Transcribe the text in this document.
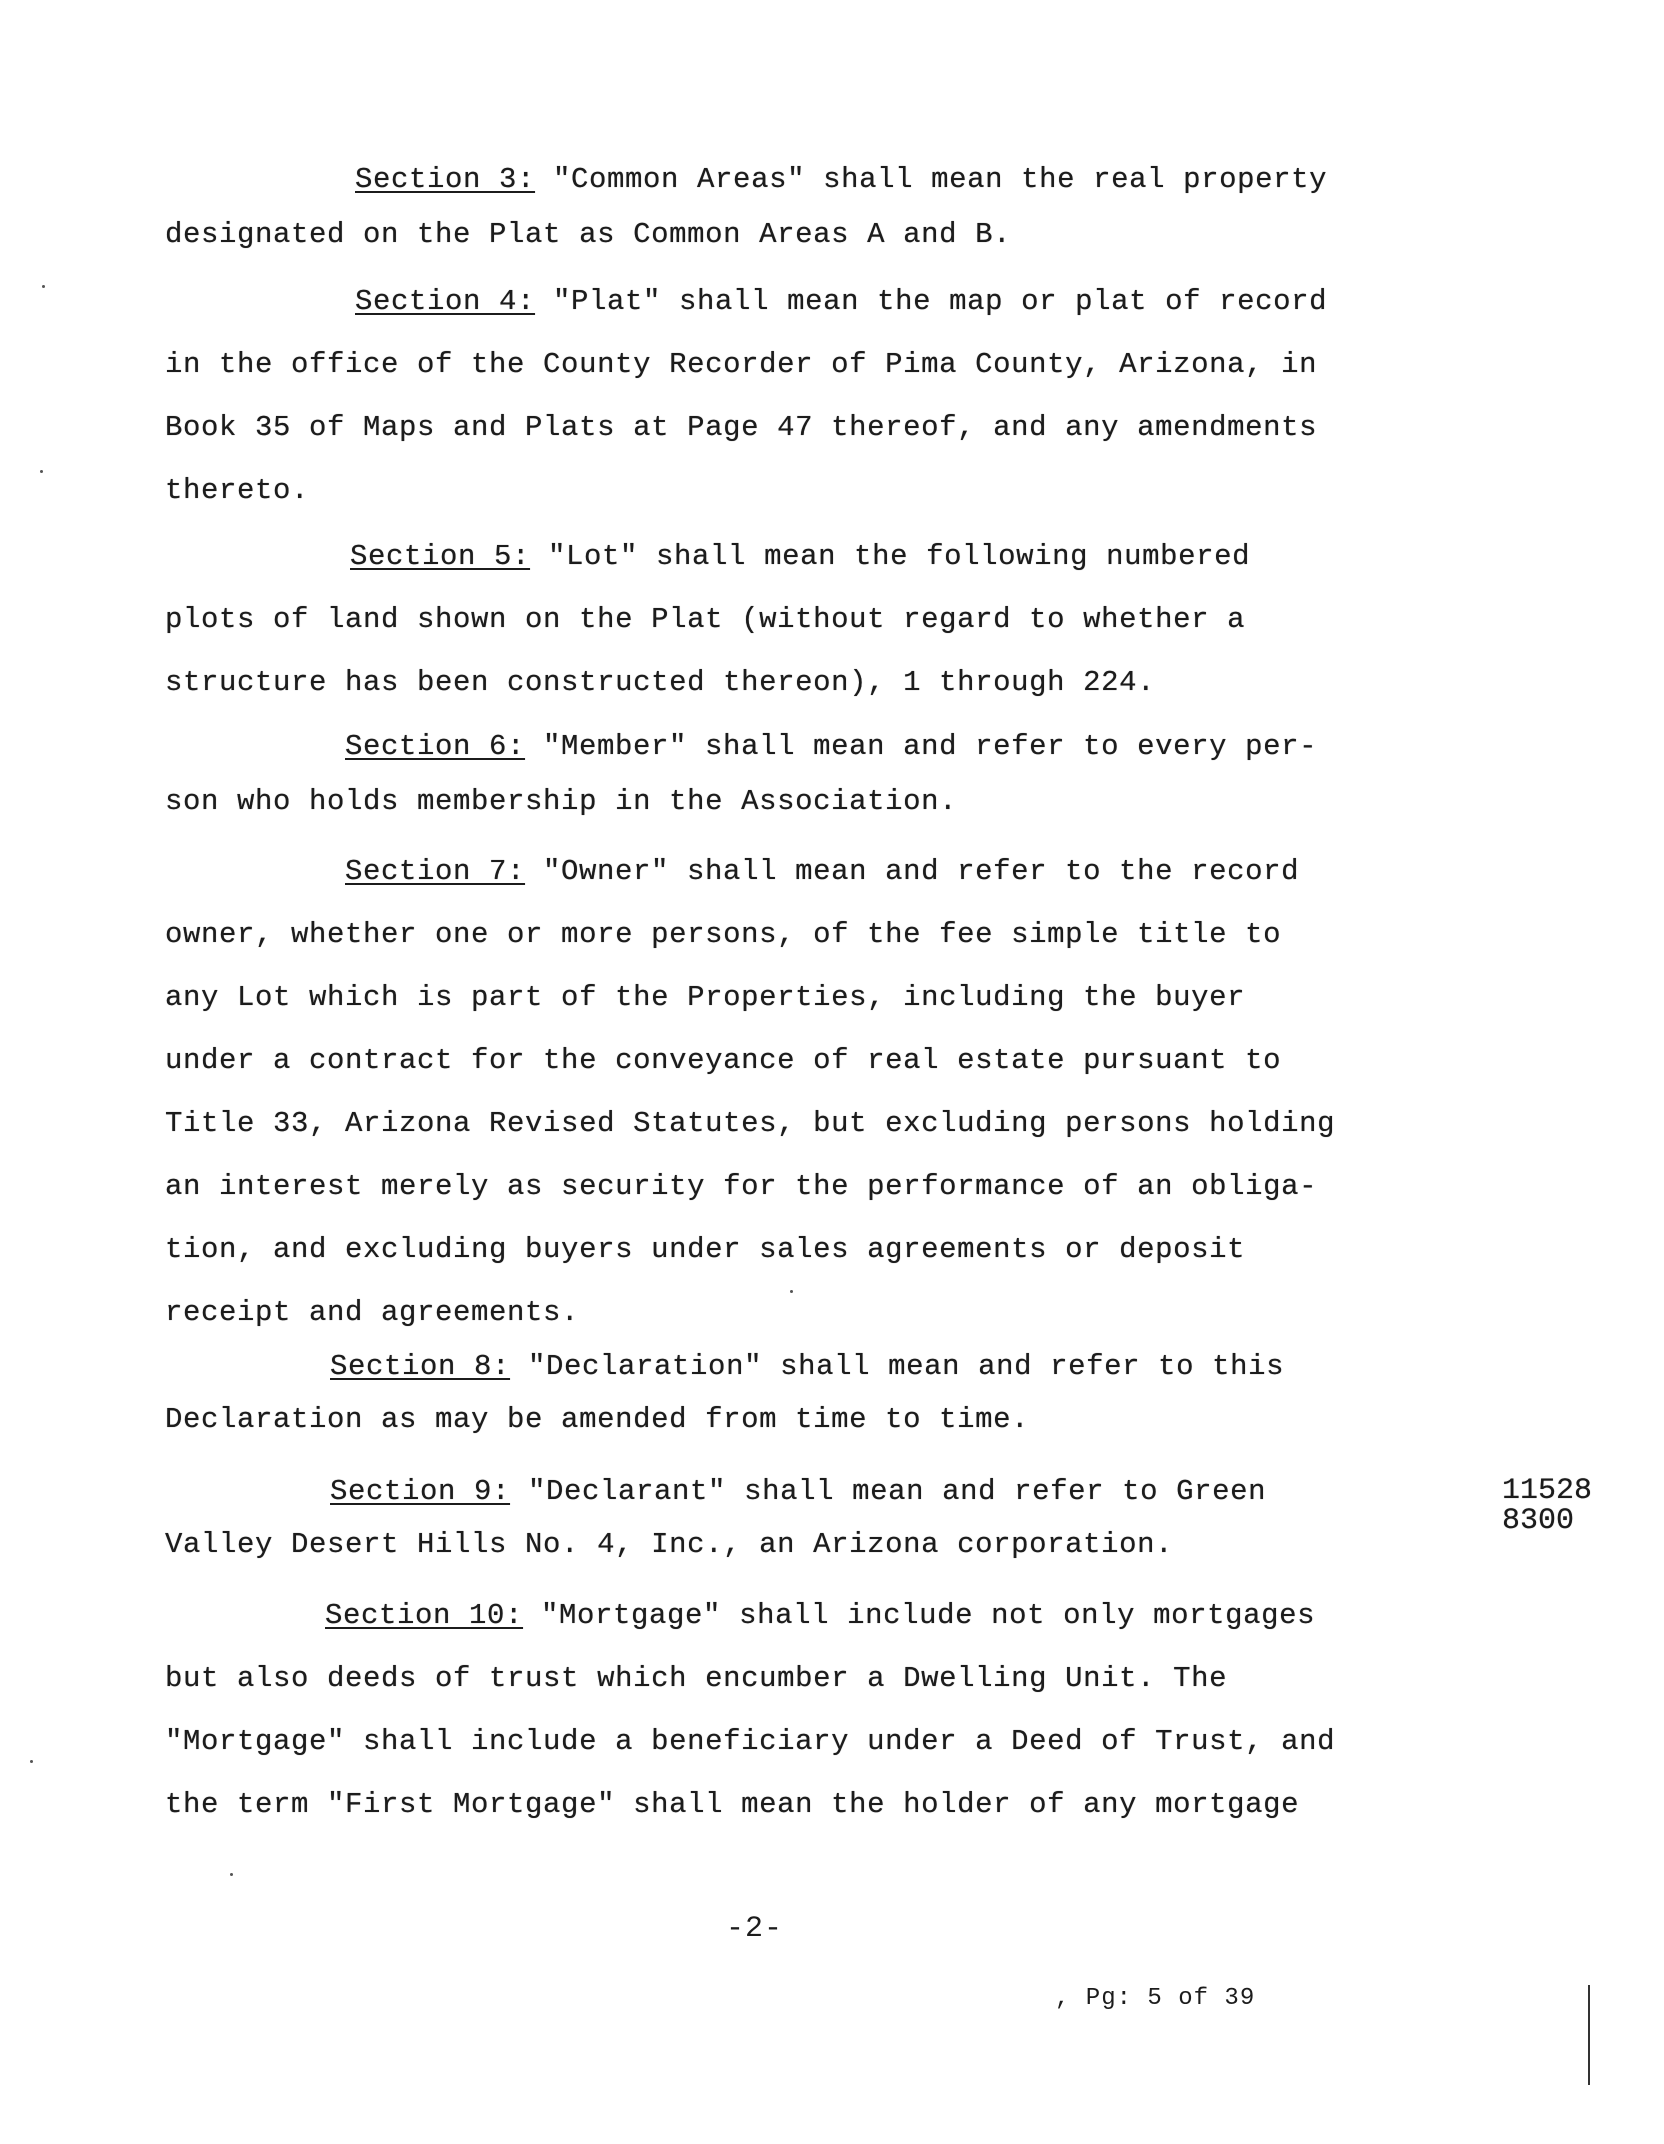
Section 3: "Common Areas" shall mean the real property
designated on the Plat as Common Areas A and B.
Section 4: "Plat" shall mean the map or plat of record
in the office of the County Recorder of Pima County, Arizona, in
Book 35 of Maps and Plats at Page 47 thereof, and any amendments
thereto.
Section 5: "Lot" shall mean the following numbered
plots of land shown on the Plat (without regard to whether a
structure has been constructed thereon), 1 through 224.
Section 6: "Member" shall mean and refer to every per-
son who holds membership in the Association.
Section 7: "Owner" shall mean and refer to the record
owner, whether one or more persons, of the fee simple title to
any Lot which is part of the Properties, including the buyer
under a contract for the conveyance of real estate pursuant to
Title 33, Arizona Revised Statutes, but excluding persons holding
an interest merely as security for the performance of an obliga-
tion, and excluding buyers under sales agreements or deposit
receipt and agreements.
Section 8: "Declaration" shall mean and refer to this
Declaration as may be amended from time to time.
Section 9: "Declarant" shall mean and refer to Green
Valley Desert Hills No. 4, Inc., an Arizona corporation.
Section 10: "Mortgage" shall include not only mortgages
but also deeds of trust which encumber a Dwelling Unit. The
"Mortgage" shall include a beneficiary under a Deed of Trust, and
the term "First Mortgage" shall mean the holder of any mortgage
11528
8300
-2-
, Pg: 5 of 39
